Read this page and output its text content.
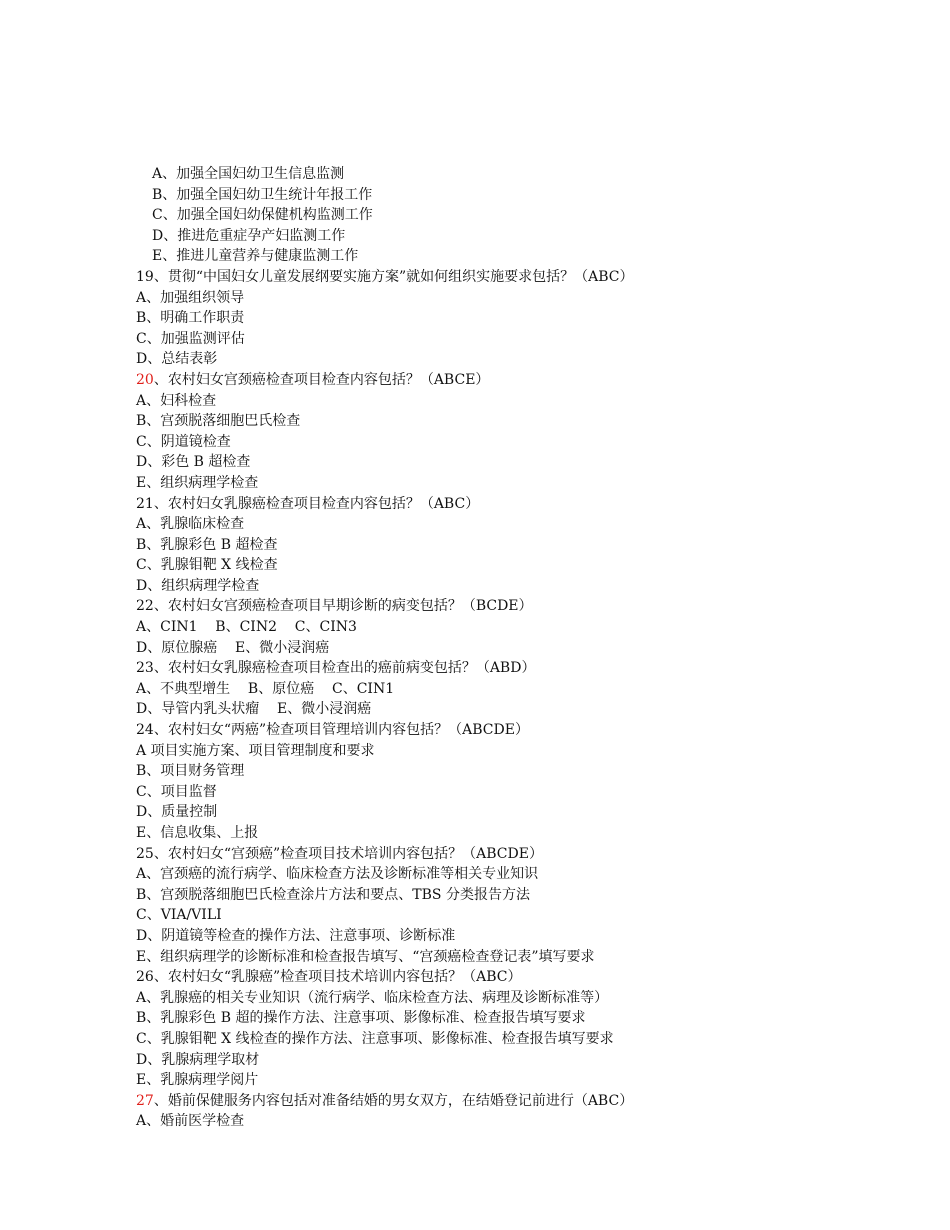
A、加强全国妇幼卫生信息监测
B、加强全国妇幼卫生统计年报工作
C、加强全国妇幼保健机构监测工作
D、推进危重症孕产妇监测工作
E、推进儿童营养与健康监测工作
19、贯彻“中国妇女儿童发展纲要实施方案”就如何组织实施要求包括？（ABC）
A、加强组织领导
B、明确工作职责
C、加强监测评估
D、总结表彰
20、农村妇女宫颈癌检查项目检查内容包括？（ABCE）
A、妇科检查
B、宫颈脱落细胞巴氏检查
C、阴道镜检查
D、彩色 B 超检查
E、组织病理学检查
21、农村妇女乳腺癌检查项目检查内容包括？（ABC）
A、乳腺临床检查
B、乳腺彩色 B 超检查
C、乳腺钼靶 X 线检查
D、组织病理学检查
22、农村妇女宫颈癌检查项目早期诊断的病变包括？（BCDE）
A、CIN1    B、CIN2    C、CIN3
D、原位腺癌    E、微小浸润癌
23、农村妇女乳腺癌检查项目检查出的癌前病变包括？（ABD）
A、不典型增生    B、原位癌    C、CIN1
D、导管内乳头状瘤    E、微小浸润癌
24、农村妇女“两癌”检查项目管理培训内容包括？（ABCDE）
A 项目实施方案、项目管理制度和要求
B、项目财务管理
C、项目监督
D、质量控制
E、信息收集、上报
25、农村妇女“宫颈癌”检查项目技术培训内容包括？（ABCDE）
A、宫颈癌的流行病学、临床检查方法及诊断标准等相关专业知识
B、宫颈脱落细胞巴氏检查涂片方法和要点、TBS 分类报告方法
C、VIA/VILI
D、阴道镜等检查的操作方法、注意事项、诊断标准
E、组织病理学的诊断标准和检查报告填写、“宫颈癌检查登记表”填写要求
26、农村妇女“乳腺癌”检查项目技术培训内容包括？（ABC）
A、乳腺癌的相关专业知识（流行病学、临床检查方法、病理及诊断标准等）
B、乳腺彩色 B 超的操作方法、注意事项、影像标准、检查报告填写要求
C、乳腺钼靶 X 线检查的操作方法、注意事项、影像标准、检查报告填写要求
D、乳腺病理学取材
E、乳腺病理学阅片
27、婚前保健服务内容包括对准备结婚的男女双方，在结婚登记前进行（ABC）
A、婚前医学检查
